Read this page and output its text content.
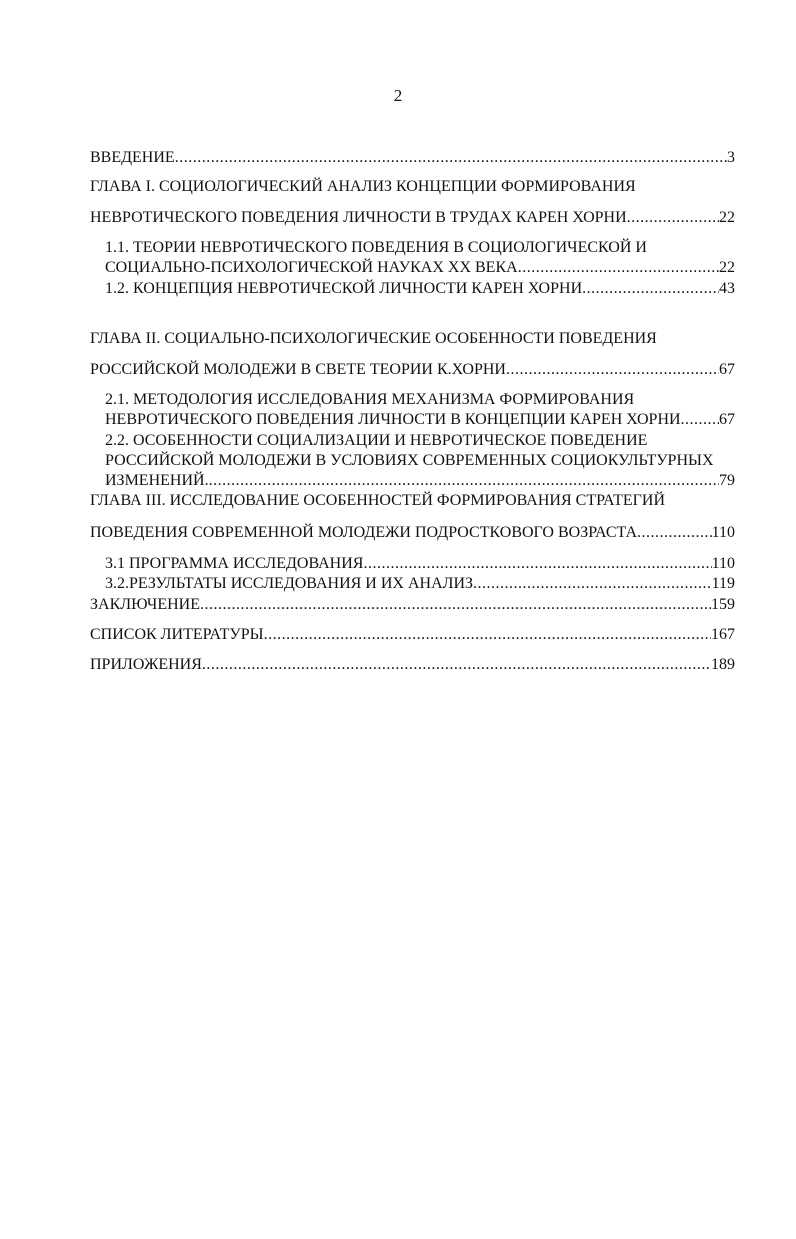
2
ВВЕДЕНИЕ .....	3
ГЛАВА I. СОЦИОЛОГИЧЕСКИЙ АНАЛИЗ КОНЦЕПЦИИ ФОРМИРОВАНИЯ
НЕВРОТИЧЕСКОГО ПОВЕДЕНИЯ ЛИЧНОСТИ В ТРУДАХ КАРЕН ХОРНИ .....	22
1.1. ТЕОРИИ НЕВРОТИЧЕСКОГО ПОВЕДЕНИЯ В СОЦИОЛОГИЧЕСКОЙ И
СОЦИАЛЬНО-ПСИХОЛОГИЧЕСКОЙ НАУКАХ XX ВЕКА .....	22
1.2. КОНЦЕПЦИЯ НЕВРОТИЧЕСКОЙ ЛИЧНОСТИ КАРЕН ХОРНИ .....	43
ГЛАВА II. СОЦИАЛЬНО-ПСИХОЛОГИЧЕСКИЕ ОСОБЕННОСТИ ПОВЕДЕНИЯ
РОССИЙСКОЙ МОЛОДЕЖИ В СВЕТЕ ТЕОРИИ К.ХОРНИ .....	67
2.1. МЕТОДОЛОГИЯ ИССЛЕДОВАНИЯ МЕХАНИЗМА ФОРМИРОВАНИЯ
НЕВРОТИЧЕСКОГО ПОВЕДЕНИЯ ЛИЧНОСТИ В КОНЦЕПЦИИ КАРЕН ХОРНИ ..... 67
2.2. ОСОБЕННОСТИ СОЦИАЛИЗАЦИИ И НЕВРОТИЧЕСКОЕ ПОВЕДЕНИЕ
РОССИЙСКОЙ МОЛОДЕЖИ В УСЛОВИЯХ СОВРЕМЕННЫХ СОЦИОКУЛЬТУРНЫХ
ИЗМЕНЕНИЙ. .....	79
ГЛАВА III. ИССЛЕДОВАНИЕ ОСОБЕННОСТЕЙ ФОРМИРОВАНИЯ СТРАТЕГИЙ
ПОВЕДЕНИЯ СОВРЕМЕННОЙ МОЛОДЕЖИ ПОДРОСТКОВОГО ВОЗРАСТА .....	110
3.1 ПРОГРАММА ИССЛЕДОВАНИЯ .....	110
3.2.РЕЗУЛЬТАТЫ ИССЛЕДОВАНИЯ И ИХ АНАЛИЗ .....	119
ЗАКЛЮЧЕНИЕ .....	159
СПИСОК ЛИТЕРАТУРЫ .....	167
ПРИЛОЖЕНИЯ .....	189
